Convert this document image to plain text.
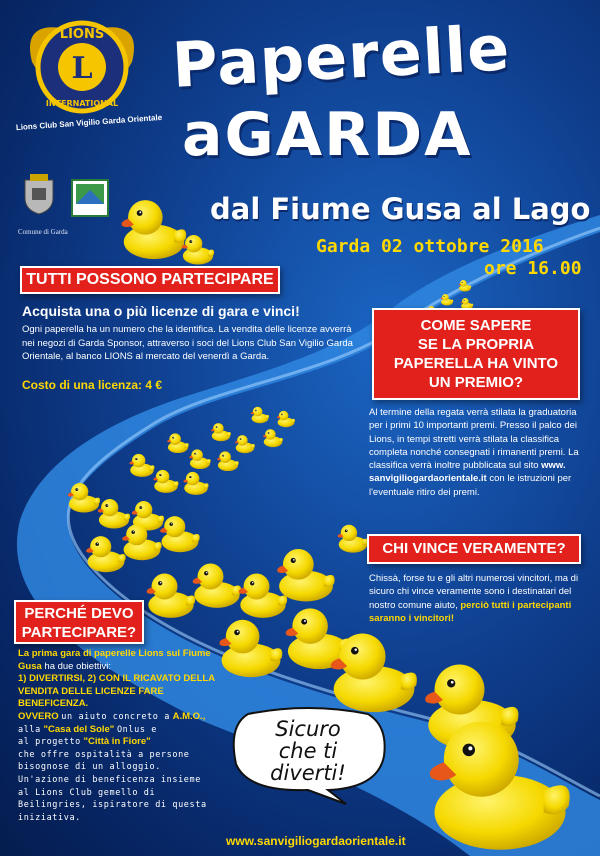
L
LIONS
INTERNATIONAL
Lions Club San Vigilio Garda Orientale
Comune di Garda
Paperelle
aGARDA
dal Fiume Gusa al Lago
Garda 02 ottobre 2016
ore 16.00
TUTTI POSSONO PARTECIPARE
Acquista una o più licenze di gara e vinci!
Ogni paperella ha un numero che la identifica. La vendita delle licenze avverrà nei negozi di Garda Sponsor, attraverso i soci del Lions Club San Vigilio Garda Orientale, al banco LIONS al mercato del venerdì a Garda.
Costo di una licenza: 4 €
COME SAPERE
SE LA PROPRIA
PAPERELLA HA VINTO
UN PREMIO?
Al termine della regata verrà stilata la graduatoria per i primi 10 importanti premi. Presso il palco dei Lions, in tempi stretti verrà stilata la classifica completa nonché consegnati i rimanenti premi. La classifica verrà inoltre pubblicata sul sito www. sanvigiliogardaorientale.it con le istruzioni per l'eventuale ritiro dei premi.
CHI VINCE VERAMENTE?
Chissà, forse tu e gli altri numerosi vincitori, ma di sicuro chi vince veramente sono i destinatari del nostro comune aiuto, perciò tutti i partecipanti saranno i vincitori!
PERCHÉ DEVO
PARTECIPARE?
La prima gara di paperelle Lions sul Fiume Gusa ha due obiettivi:
1) DIVERTIRSI, 2) CON IL RICAVATO DELLA VENDITA DELLE LICENZE FARE BENEFICENZA.
OVVERO un aiuto concreto a A.M.O.,
alla "Casa del Sole" Onlus e
al progetto "Città in Fiore"
che offre ospitalità a persone bisognose di un alloggio.
Un'azione di beneficenza insieme al Lions Club gemello di Beilingries, ispiratore di questa iniziativa.
Sicuro
che ti
diverti!
www.sanvigiliogardaorientale.it
